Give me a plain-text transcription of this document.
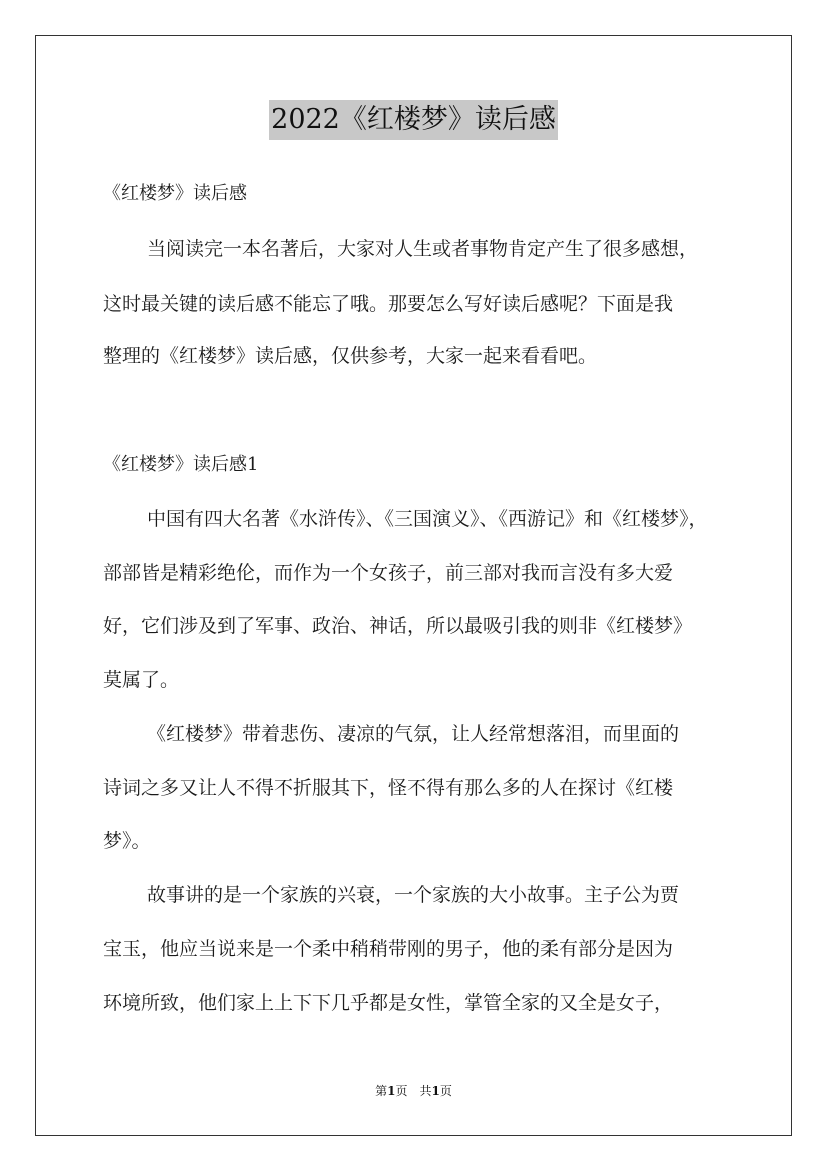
2022《红楼梦》读后感
《红楼梦》读后感
当阅读完一本名著后，大家对人生或者事物肯定产生了很多感想，
这时最关键的读后感不能忘了哦。那要怎么写好读后感呢？下面是我
整理的《红楼梦》读后感，仅供参考，大家一起来看看吧。
《红楼梦》读后感1
中国有四大名著《水浒传》、《三国演义》、《西游记》和《红楼梦》，
部部皆是精彩绝伦，而作为一个女孩子，前三部对我而言没有多大爱
好，它们涉及到了军事、政治、神话，所以最吸引我的则非《红楼梦》
莫属了。
《红楼梦》带着悲伤、凄凉的气氛，让人经常想落泪，而里面的
诗词之多又让人不得不折服其下，怪不得有那么多的人在探讨《红楼
梦》。
故事讲的是一个家族的兴衰，一个家族的大小故事。主子公为贾
宝玉，他应当说来是一个柔中稍稍带刚的男子，他的柔有部分是因为
环境所致，他们家上上下下几乎都是女性，掌管全家的又全是女子，
第1页　共1页
